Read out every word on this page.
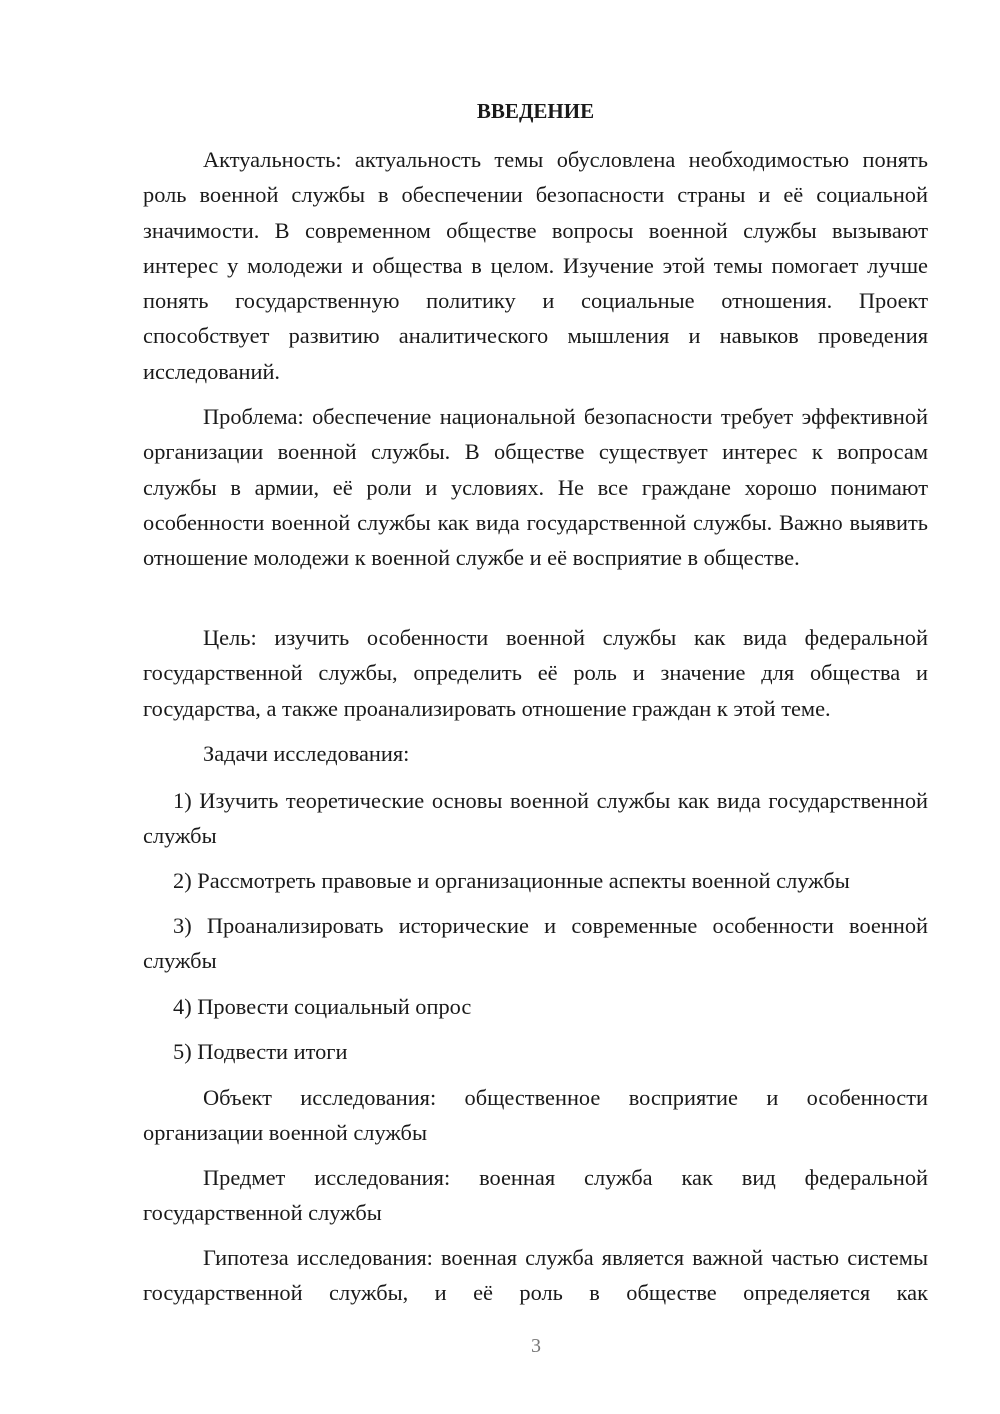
ВВЕДЕНИЕ
Актуальность: актуальность темы обусловлена необходимостью понять роль военной службы в обеспечении безопасности страны и её социальной значимости. В современном обществе вопросы военной службы вызывают интерес у молодежи и общества в целом. Изучение этой темы помогает лучше понять государственную политику и социальные отношения. Проект способствует развитию аналитического мышления и навыков проведения исследований.
Проблема: обеспечение национальной безопасности требует эффективной организации военной службы. В обществе существует интерес к вопросам службы в армии, её роли и условиях. Не все граждане хорошо понимают особенности военной службы как вида государственной службы. Важно выявить отношение молодежи к военной службе и её восприятие в обществе.
Цель: изучить особенности военной службы как вида федеральной государственной службы, определить её роль и значение для общества и государства, а также проанализировать отношение граждан к этой теме.
Задачи исследования:
1) Изучить теоретические основы военной службы как вида государственной службы
2) Рассмотреть правовые и организационные аспекты военной службы
3) Проанализировать исторические и современные особенности военной службы
4) Провести социальный опрос
5) Подвести итоги
Объект исследования: общественное восприятие и особенности организации военной службы
Предмет исследования: военная служба как вид федеральной государственной службы
Гипотеза исследования: военная служба является важной частью системы государственной службы, и её роль в обществе определяется как
3
